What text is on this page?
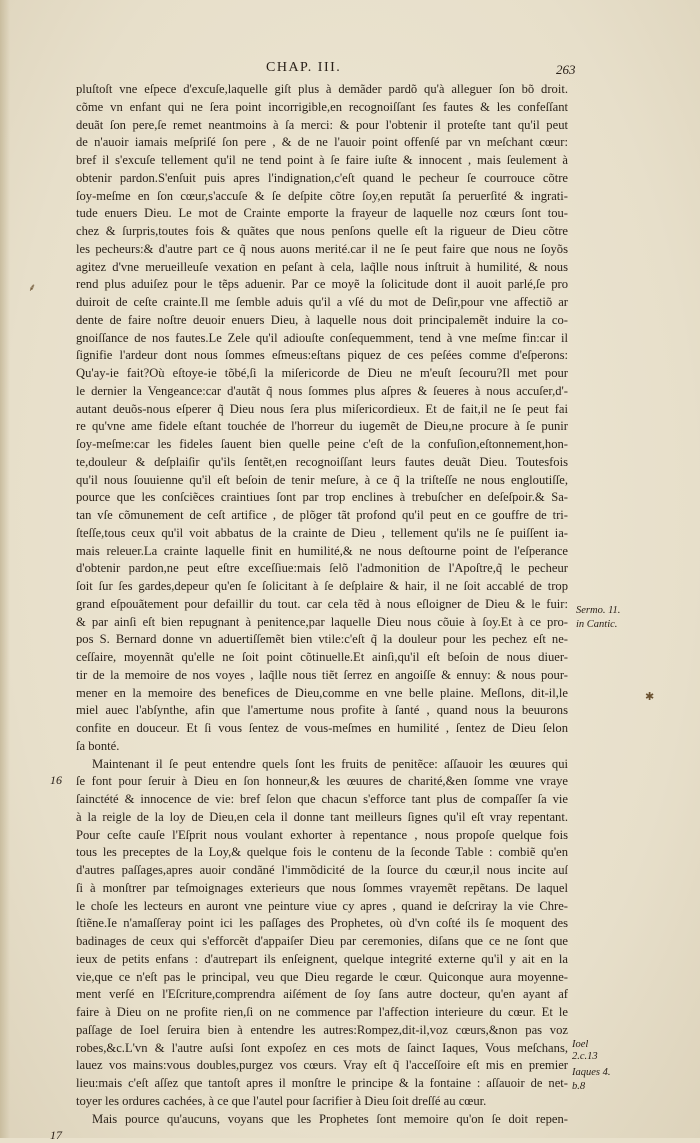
CHAP. III.	263
pluſtoſt vne eſpece d'excuſe,laquelle giſt plus à demãder pardõ qu'à alleguer ſon bõ droit.
cõme vn enfant qui ne ſera point incorrigible,en recognoiſſant ſes fautes & les confeſſant
deuãt ſon pere,ſe remet neantmoins à ſa merci: & pour l'obtenir il proteſte tant qu'il peut
de n'auoir iamais meſpriſé ſon pere , & de ne l'auoir point offenſé par vn meſchant cœur:
bref il s'excuſe tellement qu'il ne tend point à ſe faire iuſte & innocent , mais ſeulement à
obtenir pardon.S'enſuit puis apres l'indignation,c'eſt quand le pecheur ſe courrouce cõtre
ſoy-meſme en ſon cœur,s'accuſe & ſe deſpite cõtre ſoy,en reputãt ſa peruerſité & ingrati-
tude enuers Dieu. Le mot de Crainte emporte la frayeur de laquelle noz cœurs ſont tou-
chez & ſurpris,toutes fois & quãtes que nous penſons quelle eſt la rigueur de Dieu cõtre
les pecheurs:& d'autre part ce q̃ nous auons merité.car il ne ſe peut faire que nous ne ſoyõs
agitez d'vne merueilleuſe vexation en peſant à cela, laq̃lle nous inſtruit à humilité, & nous
rend plus aduiſez pour le tẽps aduenir. Par ce moyẽ la ſolicitude dont il auoit parlé,ſe pro
duiroit de ceſte crainte.Il me ſemble aduis qu'il a vſé du mot de Deſir,pour vne affectiõ ar
dente de faire noſtre deuoir enuers Dieu, à laquelle nous doit principalemẽt induire la co-
gnoiſſance de nos fautes.Le Zele qu'il adiouſte conſequemment, tend à vne meſme fin:car il
ſignifie l'ardeur dont nous ſommes eſmeus:eſtans piquez de ces peſées comme d'eſperons:
Qu'ay-ie fait?Où eſtoye-ie tõbé,ſi la miſericorde de Dieu ne m'euſt ſecouru?Il met pour
le dernier la Vengeance:car d'autãt q̃ nous ſommes plus aſpres & ſeueres à nous accuſer,d'-
autant deuõs-nous eſperer q̃ Dieu nous ſera plus miſericordieux. Et de fait,il ne ſe peut fai
re qu'vne ame fidele eſtant touchée de l'horreur du iugemẽt de Dieu,ne procure à ſe punir
ſoy-meſme:car les fideles ſauent bien quelle peine c'eſt de la confuſion,eſtonnement,hon-
te,douleur & deſplaiſir qu'ils ſentẽt,en recognoiſſant leurs fautes deuãt Dieu. Toutesfois
qu'il nous ſouuienne qu'il eſt beſoin de tenir meſure, à ce q̃ la triſteſſe ne nous engloutiſſe,
pource que les conſciẽces craintiues ſont par trop enclines à trebuſcher en deſeſpoir.& Sa-
tan vſe cõmunement de ceſt artifice , de plõger tãt profond qu'il peut en ce gouffre de tri-
ſteſſe,tous ceux qu'il voit abbatus de la crainte de Dieu , tellement qu'ils ne ſe puiſſent ia-
mais releuer.La crainte laquelle finit en humilité,& ne nous deſtourne point de l'eſperance
d'obtenir pardon,ne peut eſtre exceſſiue:mais ſelõ l'admonition de l'Apoſtre,q̃ le pecheur
ſoit ſur ſes gardes,depeur qu'en ſe ſolicitant à ſe deſplaire & hair, il ne ſoit accablé de trop
grand eſpouãtement pour defaillir du tout. car cela tẽd à nous eſloigner de Dieu & le fuir:
& par ainſi eſt bien repugnant à penitence,par laquelle Dieu nous cõuie à ſoy.Et à ce pro-
pos S. Bernard donne vn aduertiſſemẽt bien vtile:c'eſt q̃ la douleur pour les pechez eſt ne-
ceſſaire, moyennãt qu'elle ne ſoit point cõtinuelle.Et ainſi,qu'il eſt beſoin de nous diuer-
tir de la memoire de nos voyes , laq̃lle nous tiẽt ſerrez en angoiſſe & ennuy: & nous pour-
mener en la memoire des benefices de Dieu,comme en vne belle plaine. Meſlons, dit-il,le
miel auec l'abſynthe, afin que l'amertume nous profite à ſanté , quand nous la beuurons
confite en douceur. Et ſi vous ſentez de vous-meſmes en humilité , ſentez de Dieu ſelon
ſa bonté.
Maintenant il ſe peut entendre quels ſont les fruits de penitẽce: aſſauoir les œuures qui
ſe font pour ſeruir à Dieu en ſon honneur,& les œuures de charité,&en ſomme vne vraye
ſainctété & innocence de vie: bref ſelon que chacun s'efforce tant plus de compaſſer ſa vie
à la reigle de la loy de Dieu,en cela il donne tant meilleurs ſignes qu'il eſt vray repentant.
Pour ceſte cauſe l'Eſprit nous voulant exhorter à repentance , nous propoſe quelque fois
tous les preceptes de la Loy,& quelque fois le contenu de la ſeconde Table : combiẽ qu'en
d'autres paſſages,apres auoir condãné l'immõdicité de la ſource du cœur,il nous incite auſ
ſi à monſtrer par teſmoignages exterieurs que nous ſommes vrayemẽt repẽtans. De laquel
le choſe les lecteurs en auront vne peinture viue cy apres , quand ie deſcriray la vie Chre-
ſtiẽne.Ie n'amaſſeray point ici les paſſages des Prophetes, où d'vn coſté ils ſe moquent des
badinages de ceux qui s'efforcẽt d'appaiſer Dieu par ceremonies, diſans que ce ne ſont que
ieux de petits enfans : d'autrepart ils enſeignent, quelque integrité externe qu'il y ait en la
vie,que ce n'eſt pas le principal, veu que Dieu regarde le cœur. Quiconque aura moyenne-
ment verſé en l'Eſcriture,comprendra aiſément de ſoy ſans autre docteur, qu'en ayant af
faire à Dieu on ne profite rien,ſi on ne commence par l'affection interieure du cœur. Et le
paſſage de Ioel ſeruira bien à entendre les autres:Rompez,dit-il,voz cœurs,&non pas voz
robes,&c.L'vn & l'autre auſsi ſont expoſez en ces mots de ſainct Iaques, Vous meſchans,
lauez vos mains:vous doubles,purgez vos cœurs. Vray eſt q̃ l'acceſſoire eſt mis en premier
lieu:mais c'eſt aſſez que tantoſt apres il monſtre le principe & la fontaine : aſſauoir de net-
toyer les ordures cachées, à ce que l'autel pour ſacrifier à Dieu ſoit dreſſé au cœur.
Mais pource qu'aucuns, voyans que les Prophetes ſont memoire qu'on ſe doit repen-
16
17
Sermo. 11.
in Cantic.
Ioel 2.c.13
Iaques 4.
b.8
⸙
✱
